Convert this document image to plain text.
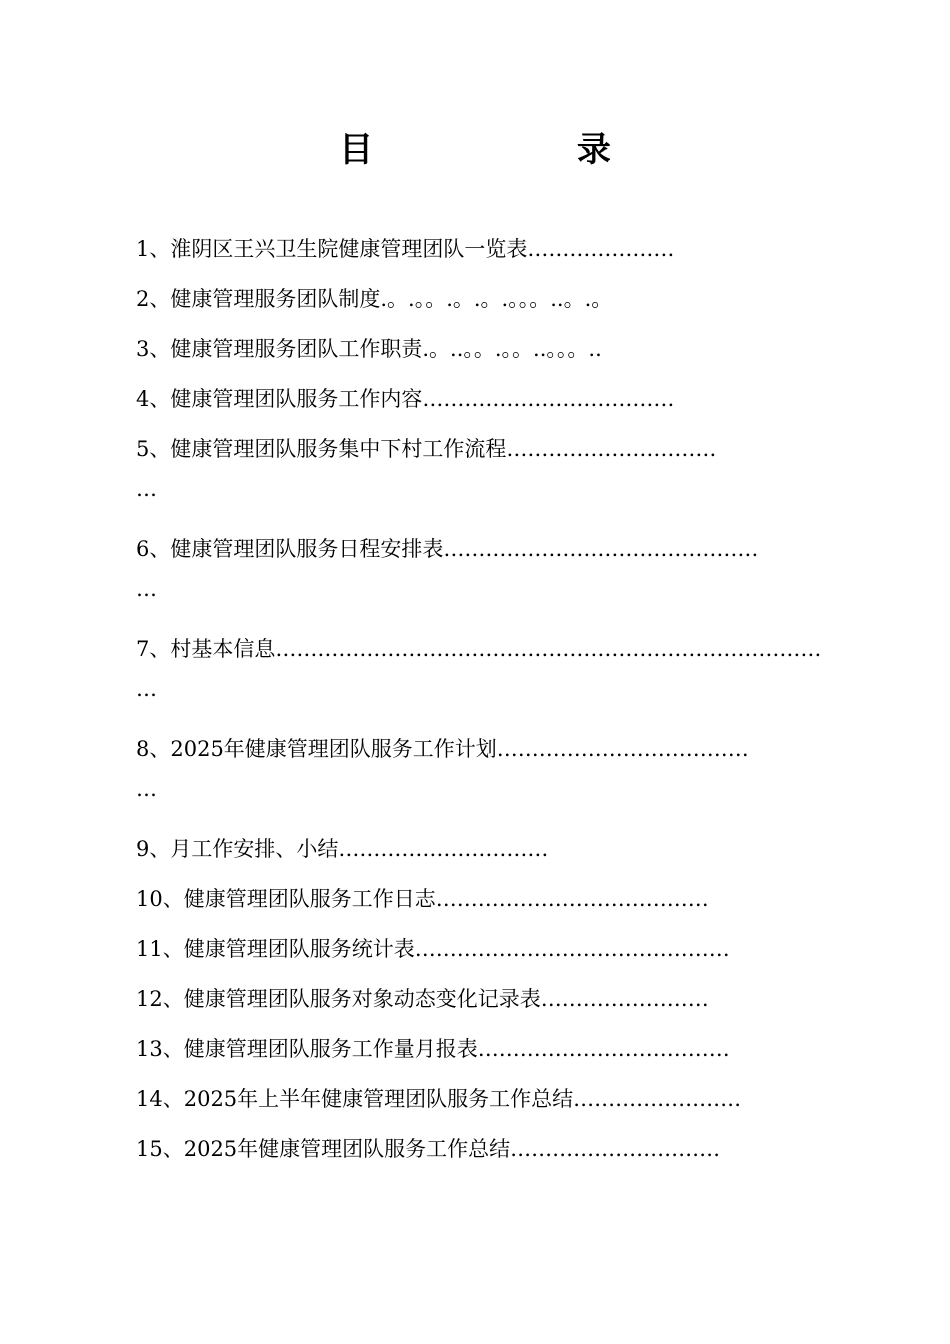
目 录
1、淮阴区王兴卫生院健康管理团队一览表…………………
2、健康管理服务团队制度.。.。。.。.。.。。。..。.。
3、健康管理服务团队工作职责.。..。。.。。..。。。..
4、健康管理团队服务工作内容………………………………
5、健康管理团队服务集中下村工作流程…………………………
…
6、健康管理团队服务日程安排表………………………………………
…
7、村基本信息……………………………………………………………………
…
8、2025年健康管理团队服务工作计划………………………………
…
9、月工作安排、小结…………………………
10、健康管理团队服务工作日志…………………………………
11、健康管理团队服务统计表………………………………………
12、健康管理团队服务对象动态变化记录表……………………
13、健康管理团队服务工作量月报表………………………………
14、2025年上半年健康管理团队服务工作总结……………………
15、2025年健康管理团队服务工作总结…………………………
